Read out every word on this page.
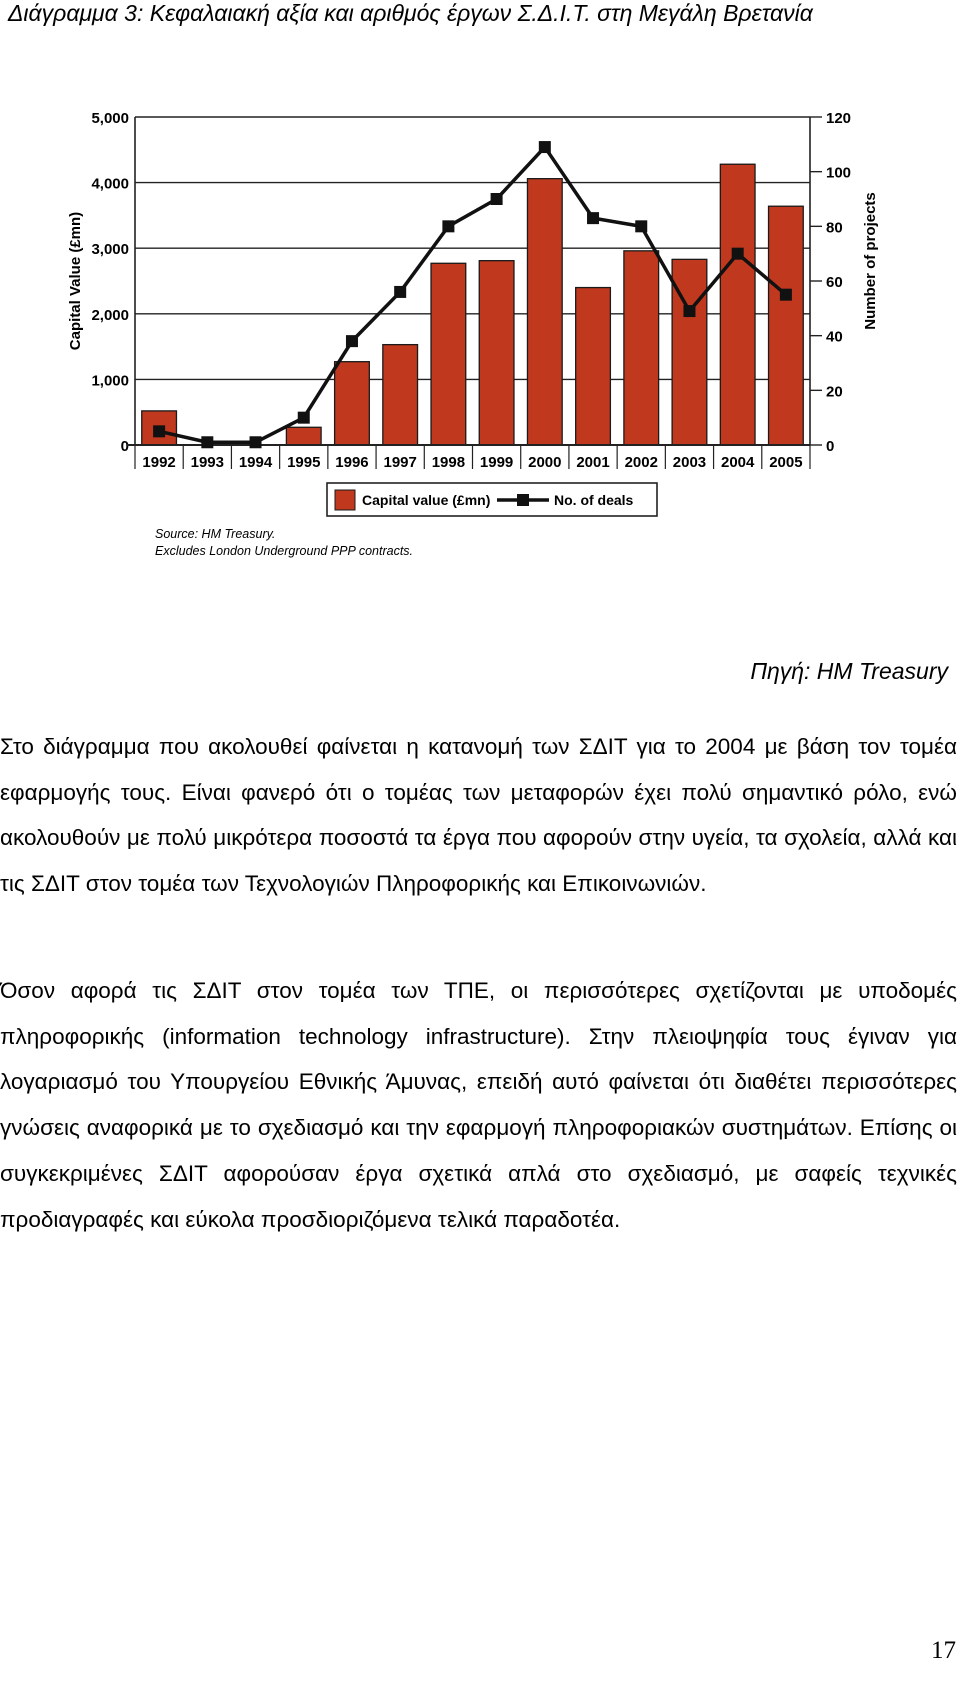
Διάγραμμα 3: Κεφαλαιακή αξία και αριθμός έργων Σ.Δ.Ι.Τ. στη Μεγάλη Βρετανία
0
1,000
2,000
3,000
4,000
5,000
0
20
40
60
80
100
120
1992 1993 1994 1995 1996 1997 1998 1999 2000 2001 2002 2003 2004 2005
Capital Value (£mn)	Number of projects
Capital value (£mn)	No. of deals
Source: HM Treasury.
Excludes London Underground PPP contracts.
Πηγή: HM Treasury
Στο διάγραμμα που ακολουθεί φαίνεται η κατανομή των ΣΔΙΤ για το 2004 με βάση τον τομέα εφαρμογής τους. Είναι φανερό ότι ο τομέας των μεταφορών έχει πολύ σημαντικό ρόλο, ενώ ακολουθούν με πολύ μικρότερα ποσοστά τα έργα που αφορούν στην υγεία, τα σχολεία, αλλά και τις ΣΔΙΤ στον τομέα των Τεχνολογιών Πληροφορικής και Επικοινωνιών.
Όσον αφορά τις ΣΔΙΤ στον τομέα των ΤΠΕ, οι περισσότερες σχετίζονται με υποδομές πληροφορικής (information technology infrastructure). Στην πλειοψηφία τους έγιναν για λογαριασμό του Υπουργείου Εθνικής Άμυνας, επειδή αυτό φαίνεται ότι διαθέτει περισσότερες γνώσεις αναφορικά με το σχεδιασμό και την εφαρμογή πληροφοριακών συστημάτων. Επίσης οι συγκεκριμένες ΣΔΙΤ αφορούσαν έργα σχετικά απλά στο σχεδιασμό, με σαφείς τεχνικές προδιαγραφές και εύκολα προσδιοριζόμενα τελικά παραδοτέα.
17
